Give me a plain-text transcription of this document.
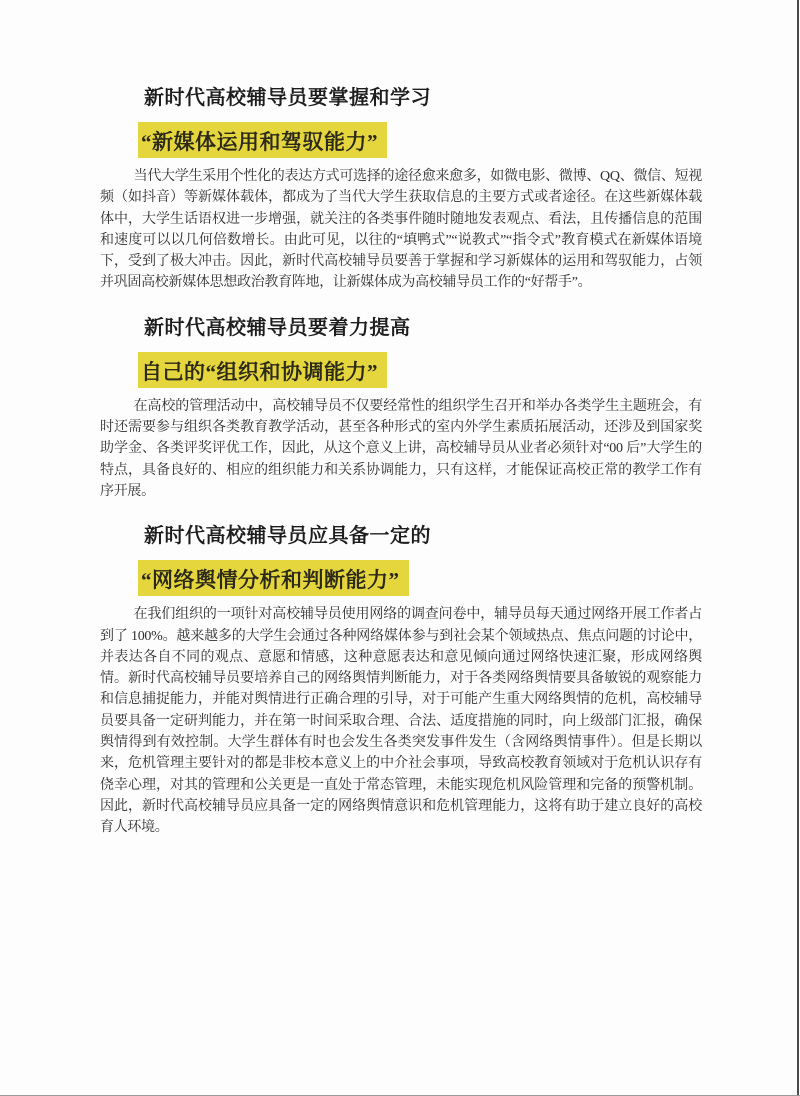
新时代高校辅导员要掌握和学习
“新媒体运用和驾驭能力”

当代大学生采用个性化的表达方式可选择的途径愈来愈多，如微电影、微博、QQ、微信、短视频（如抖音）等新媒体载体，都成为了当代大学生获取信息的主要方式或者途径。在这些新媒体载体中，大学生话语权进一步增强，就关注的各类事件随时随地发表观点、看法，且传播信息的范围和速度可以以几何倍数增长。由此可见，以往的“填鸭式”“说教式”“指令式”教育模式在新媒体语境下，受到了极大冲击。因此，新时代高校辅导员要善于掌握和学习新媒体的运用和驾驭能力，占领并巩固高校新媒体思想政治教育阵地，让新媒体成为高校辅导员工作的“好帮手”。

新时代高校辅导员要着力提高
自己的“组织和协调能力”

在高校的管理活动中，高校辅导员不仅要经常性的组织学生召开和举办各类学生主题班会，有时还需要参与组织各类教育教学活动，甚至各种形式的室内外学生素质拓展活动，还涉及到国家奖助学金、各类评奖评优工作，因此，从这个意义上讲，高校辅导员从业者必须针对“00 后”大学生的特点，具备良好的、相应的组织能力和关系协调能力，只有这样，才能保证高校正常的教学工作有序开展。

新时代高校辅导员应具备一定的
“网络舆情分析和判断能力”

在我们组织的一项针对高校辅导员使用网络的调查问卷中，辅导员每天通过网络开展工作者占到了 100%。越来越多的大学生会通过各种网络媒体参与到社会某个领域热点、焦点问题的讨论中，并表达各自不同的观点、意愿和情感，这种意愿表达和意见倾向通过网络快速汇聚，形成网络舆情。新时代高校辅导员要培养自己的网络舆情判断能力，对于各类网络舆情要具备敏锐的观察能力和信息捕捉能力，并能对舆情进行正确合理的引导，对于可能产生重大网络舆情的危机，高校辅导员要具备一定研判能力，并在第一时间采取合理、合法、适度措施的同时，向上级部门汇报，确保舆情得到有效控制。大学生群体有时也会发生各类突发事件发生（含网络舆情事件）。但是长期以来，危机管理主要针对的都是非校本意义上的中介社会事项，导致高校教育领域对于危机认识存有侥幸心理，对其的管理和公关更是一直处于常态管理，未能实现危机风险管理和完备的预警机制。因此，新时代高校辅导员应具备一定的网络舆情意识和危机管理能力，这将有助于建立良好的高校育人环境。
